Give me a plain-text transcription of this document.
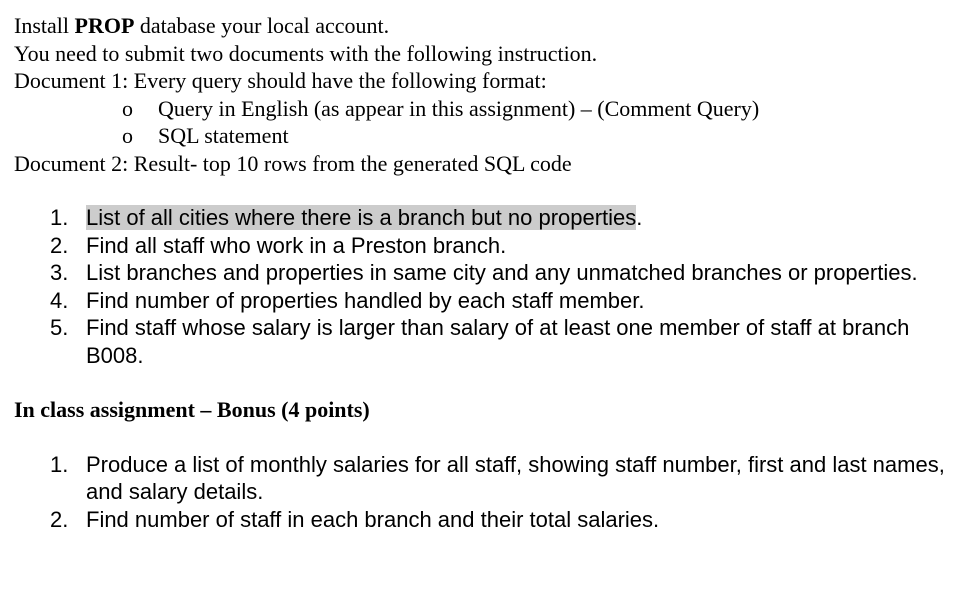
Install PROP database your local account.
You need to submit two documents with the following instruction.
Document 1: Every query should have the following format:
o Query in English (as appear in this assignment) – (Comment Query)
o SQL statement
Document 2: Result- top 10 rows from the generated SQL code
1. List of all cities where there is a branch but no properties.
2. Find all staff who work in a Preston branch.
3. List branches and properties in same city and any unmatched branches or properties.
4. Find number of properties handled by each staff member.
5. Find staff whose salary is larger than salary of at least one member of staff at branch B008.
In class assignment – Bonus (4 points)
1. Produce a list of monthly salaries for all staff, showing staff number, first and last names, and salary details.
2. Find number of staff in each branch and their total salaries.
